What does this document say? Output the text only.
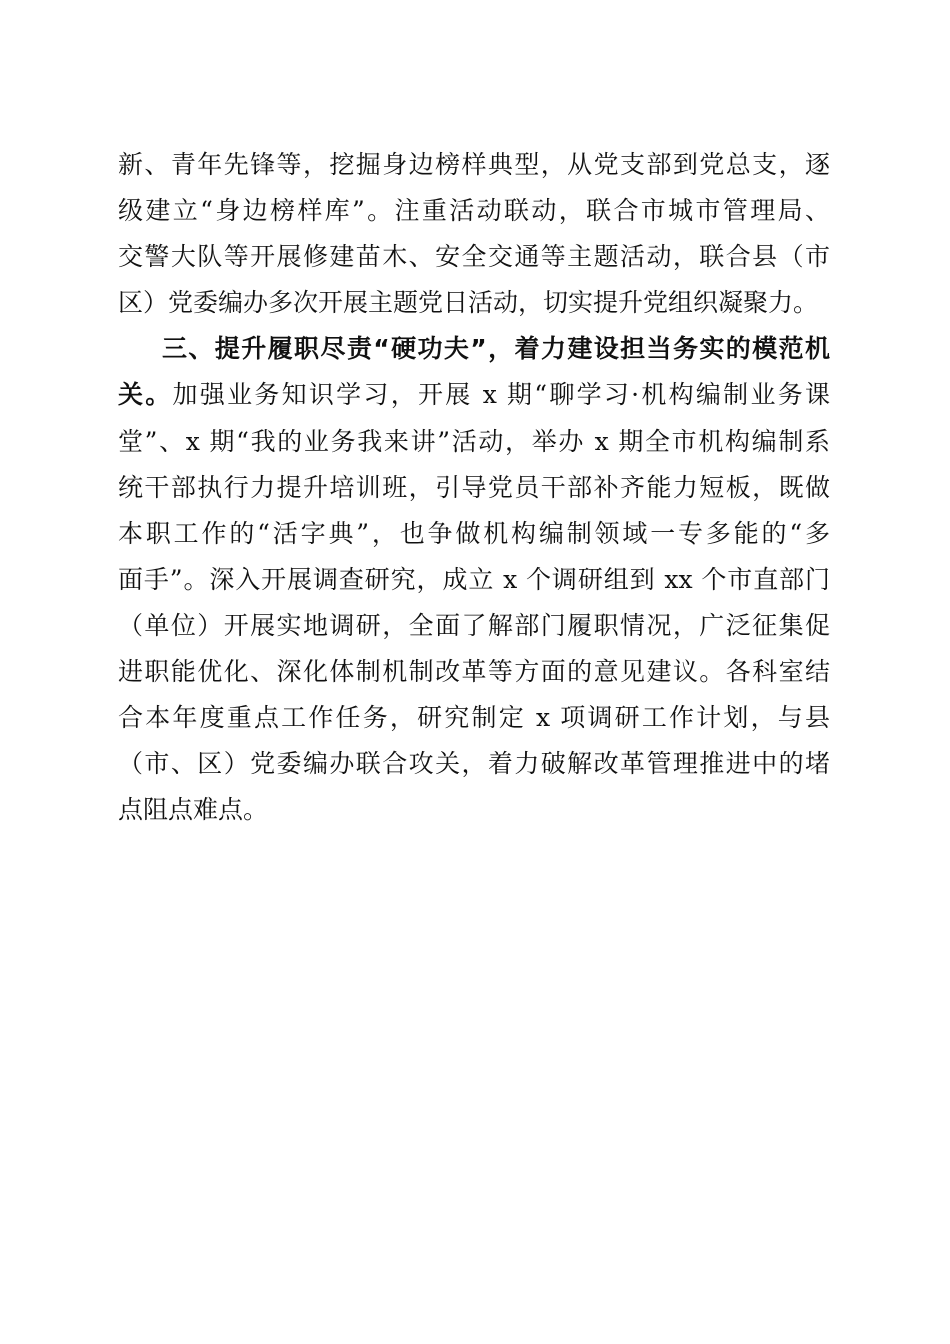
新、青年先锋等，挖掘身边榜样典型，从党支部到党总支，逐
级建立“身边榜样库”。注重活动联动，联合市城市管理局、
交警大队等开展修建苗木、安全交通等主题活动，联合县（市
区）党委编办多次开展主题党日活动，切实提升党组织凝聚力。
三、提升履职尽责“硬功夫”，着力建设担当务实的模范机
关。加强业务知识学习，开展 x 期“聊学习·机构编制业务课
堂”、x 期“我的业务我来讲”活动，举办 x 期全市机构编制系
统干部执行力提升培训班，引导党员干部补齐能力短板，既做
本职工作的“活字典”，也争做机构编制领域一专多能的“多
面手”。深入开展调查研究，成立 x 个调研组到 xx 个市直部门
（单位）开展实地调研，全面了解部门履职情况，广泛征集促
进职能优化、深化体制机制改革等方面的意见建议。各科室结
合本年度重点工作任务，研究制定 x 项调研工作计划，与县
（市、区）党委编办联合攻关，着力破解改革管理推进中的堵
点阻点难点。
